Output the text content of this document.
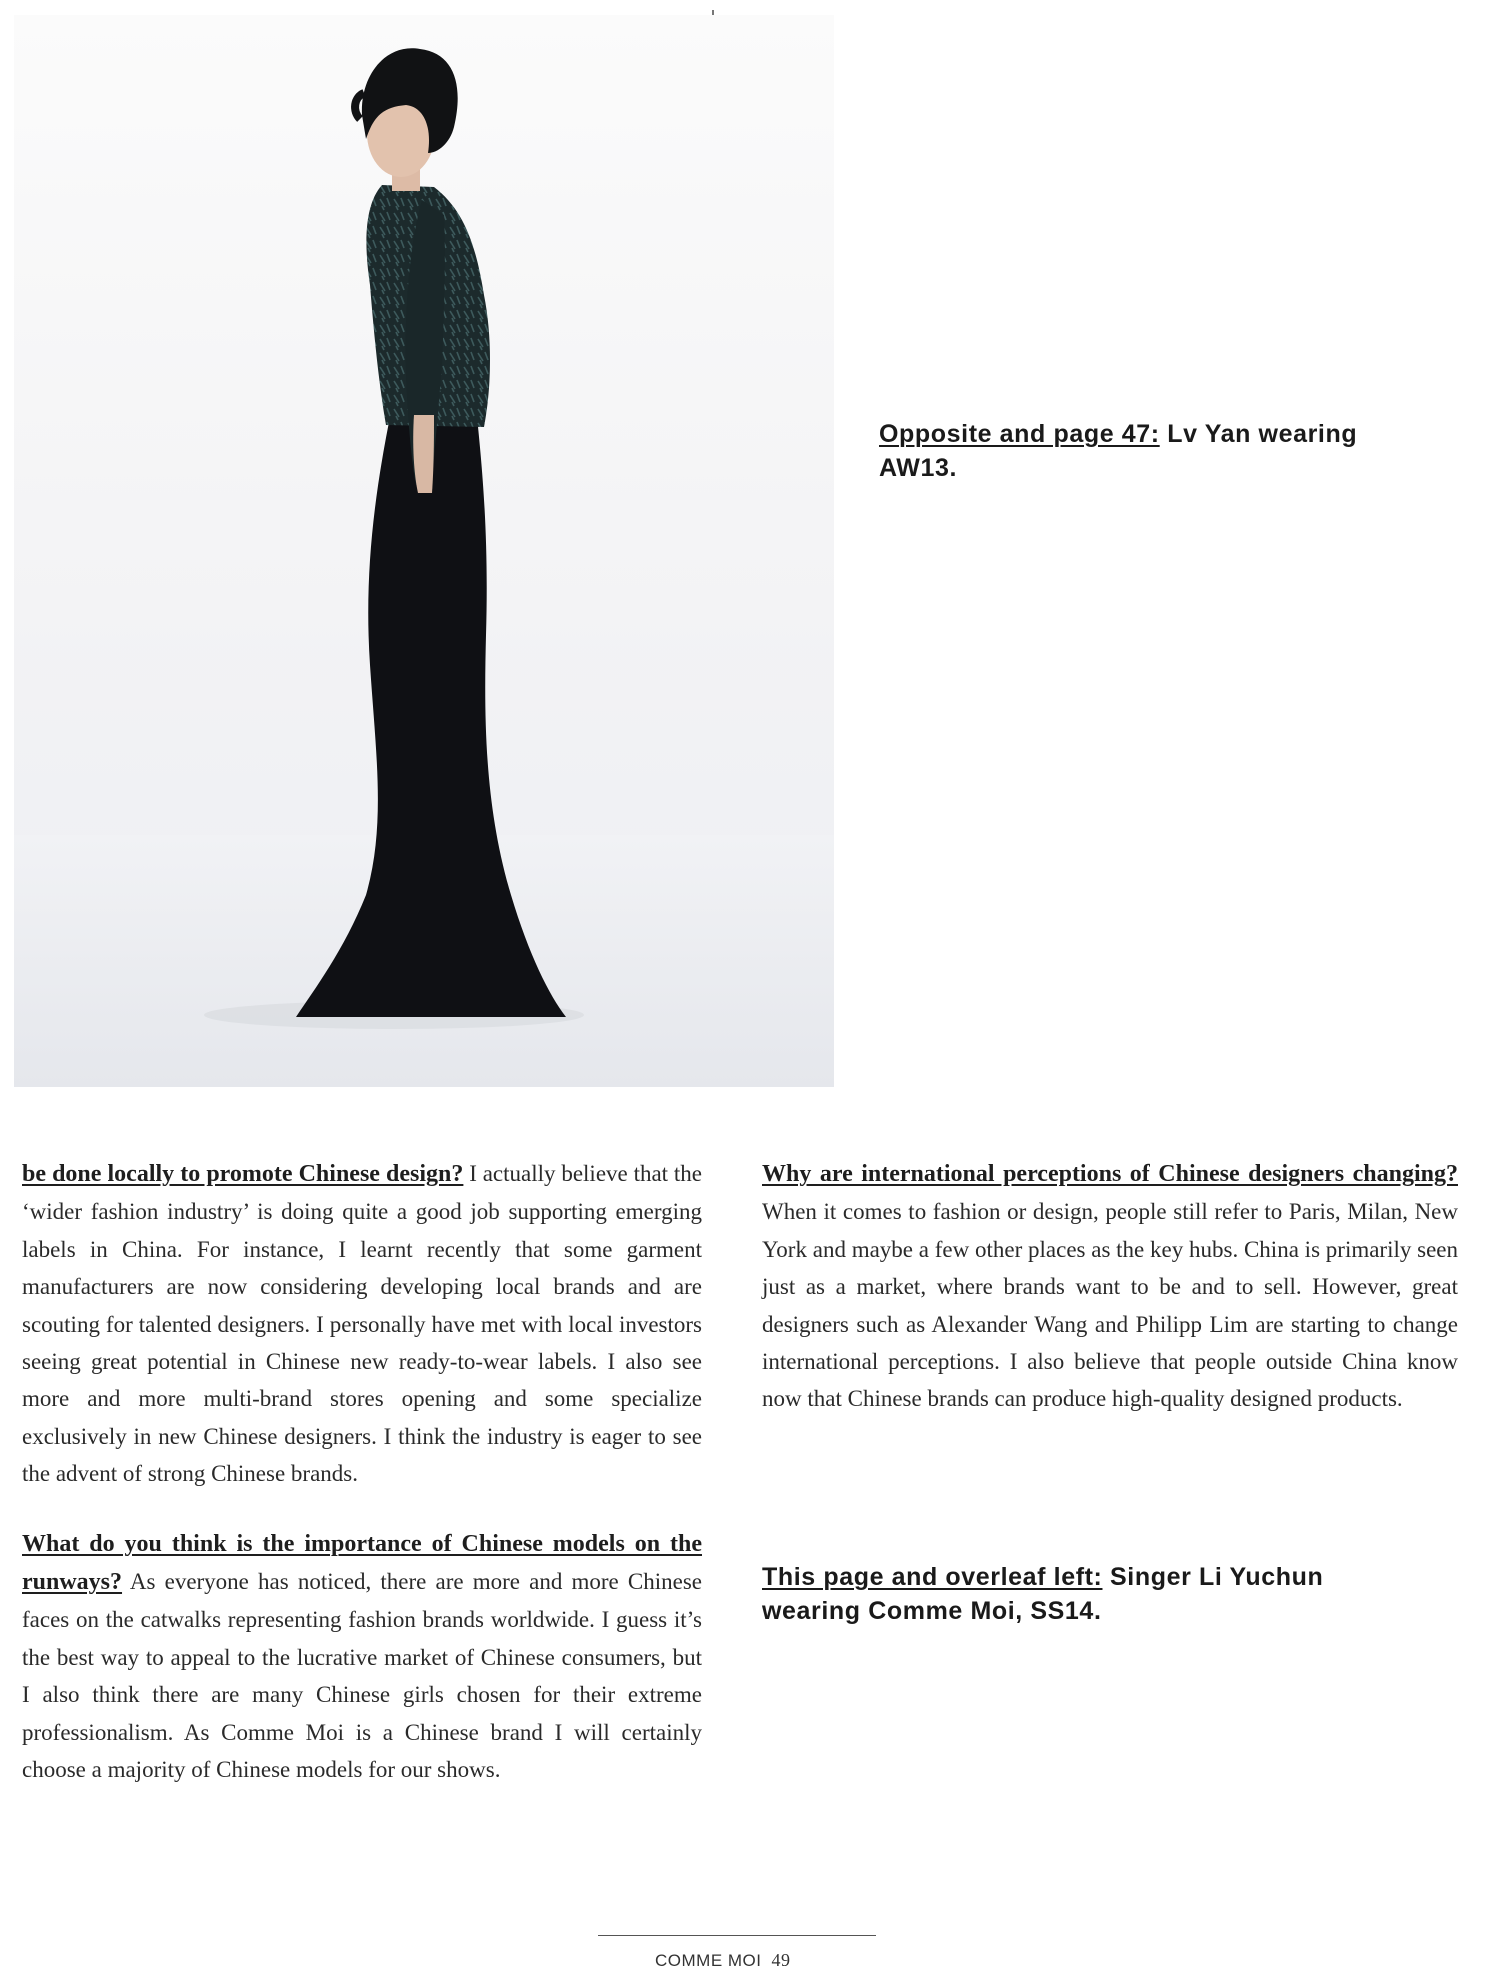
Opposite and page 47: Lv Yan wearing AW13.

be done locally to promote Chinese design? I actually believe that the ‘wider fashion industry’ is doing quite a good job supporting emerging labels in China. For instance, I learnt recently that some garment manufacturers are now considering developing local brands and are scouting for talented designers. I personally have met with local investors seeing great potential in Chinese new ready-to-wear labels. I also see more and more multi-brand stores opening and some specialize exclusively in new Chinese designers. I think the industry is eager to see the advent of strong Chinese brands.

What do you think is the importance of Chinese models on the runways? As everyone has noticed, there are more and more Chinese faces on the catwalks representing fashion brands worldwide. I guess it’s the best way to appeal to the lucrative market of Chinese consumers, but I also think there are many Chinese girls chosen for their extreme professionalism. As Comme Moi is a Chinese brand I will certainly choose a majority of Chinese models for our shows.

Why are international perceptions of Chinese designers changing? When it comes to fashion or design, people still refer to Paris, Milan, New York and maybe a few other places as the key hubs. China is primarily seen just as a market, where brands want to be and to sell. However, great designers such as Alexander Wang and Philipp Lim are starting to change international perceptions. I also believe that people outside China know now that Chinese brands can produce high-quality designed products.

This page and overleaf left: Singer Li Yuchun wearing Comme Moi, SS14.
COMME MOI 49
